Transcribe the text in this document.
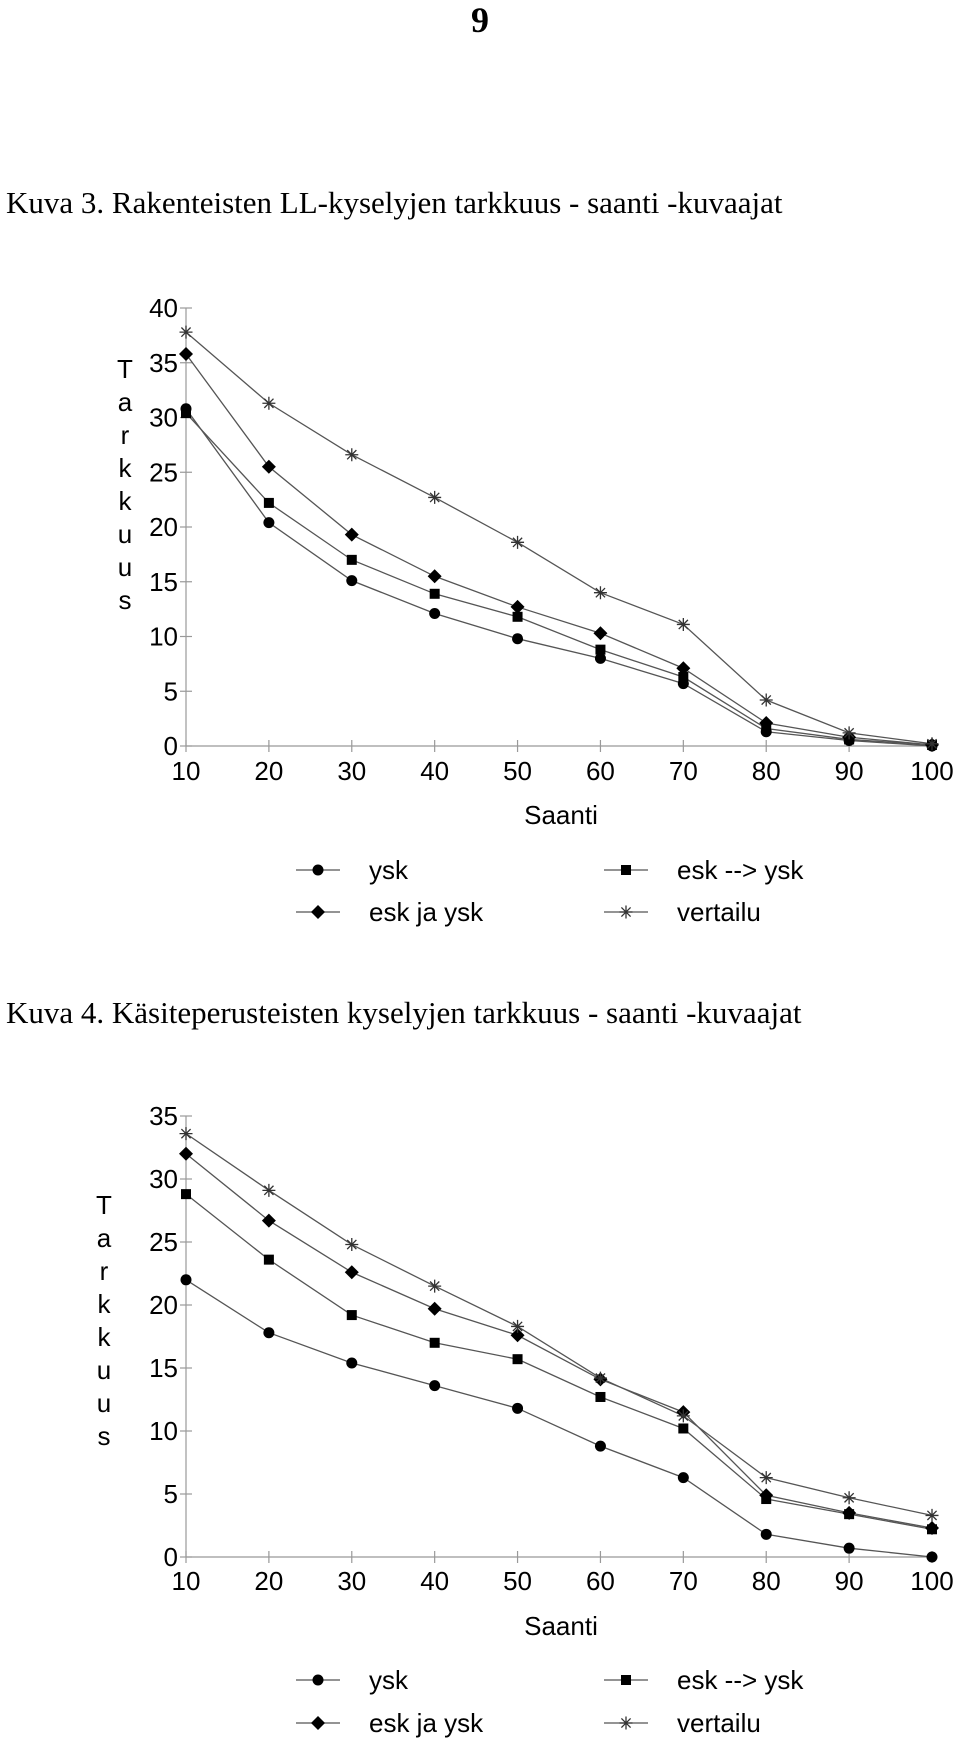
9
Kuva 3. Rakenteisten LL-kyselyjen tarkkuus - saanti -kuvaajat
0
5
10
15
20
25
30
35
40
10 20 30 40 50 60 70 80 90 100
Saanti
T a r k k u u s
ysk	esk --> ysk
esk ja ysk	vertailu
Kuva 4. Käsiteperusteisten kyselyjen tarkkuus - saanti -kuvaajat
0
5
10
15
20
25
30
35
10 20 30 40 50 60 70 80 90 100
Saanti
T a r k k u u s
ysk	esk --> ysk
esk ja ysk	vertailu
